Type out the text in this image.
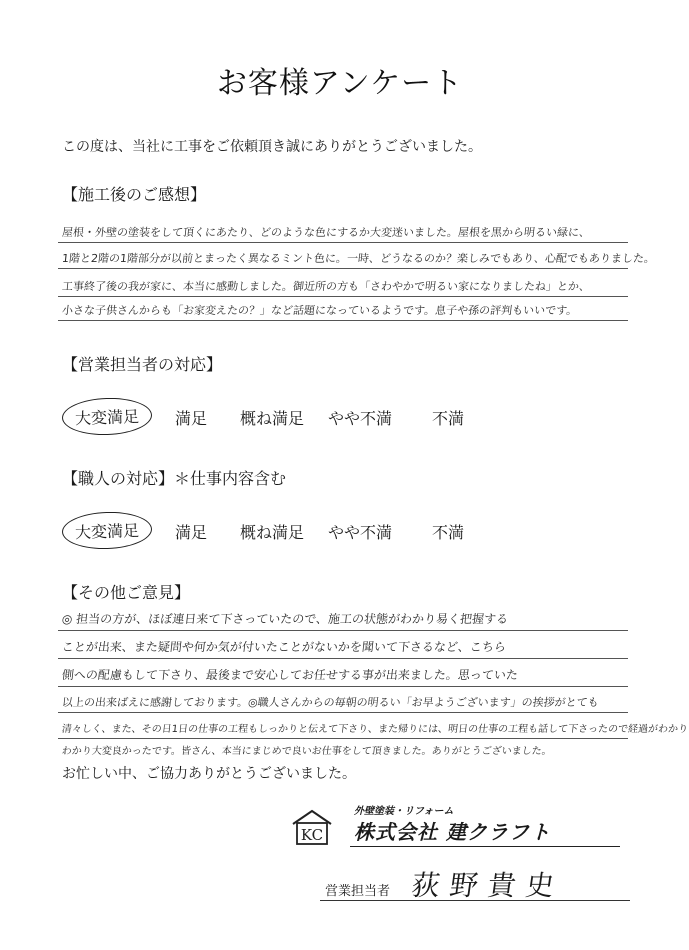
お客様アンケート
この度は、当社に工事をご依頼頂き誠にありがとうございました。
【施工後のご感想】
屋根・外壁の塗装をして頂くにあたり、どのような色にするか大変迷いました。屋根を黒から明るい緑に、
1階と2階の1階部分が以前とまったく異なるミント色に。一時、どうなるのか？楽しみでもあり、心配でもありました。
工事終了後の我が家に、本当に感動しました。御近所の方も「さわやかで明るい家になりましたね」とか、
小さな子供さんからも「お家変えたの？」など話題になっているようです。息子や孫の評判もいいです。
【営業担当者の対応】
大変満足	満足 概ね満足 やや不満 不満
【職人の対応】＊仕事内容含む
大変満足	満足 概ね満足 やや不満 不満
【その他ご意見】
◎ 担当の方が、ほぼ連日来て下さっていたので、施工の状態がわかり易く把握する
ことが出来、また疑問や何か気が付いたことがないかを聞いて下さるなど、こちら
側への配慮もして下さり、最後まで安心してお任せする事が出来ました。思っていた
以上の出来ばえに感謝しております。◎職人さんからの毎朝の明るい「お早ようございます」の挨拶がとても
清々しく、また、その日1日の仕事の工程もしっかりと伝えて下さり、また帰りには、明日の仕事の工程も話して下さったので経過がわかり
わかり大変良かったです。皆さん、本当にまじめで良いお仕事をして頂きました。ありがとうございました。
お忙しい中、ご協力ありがとうございました。
KC
外壁塗装・リフォーム
株式会社 建クラフト
営業担当者 荻野貴史
